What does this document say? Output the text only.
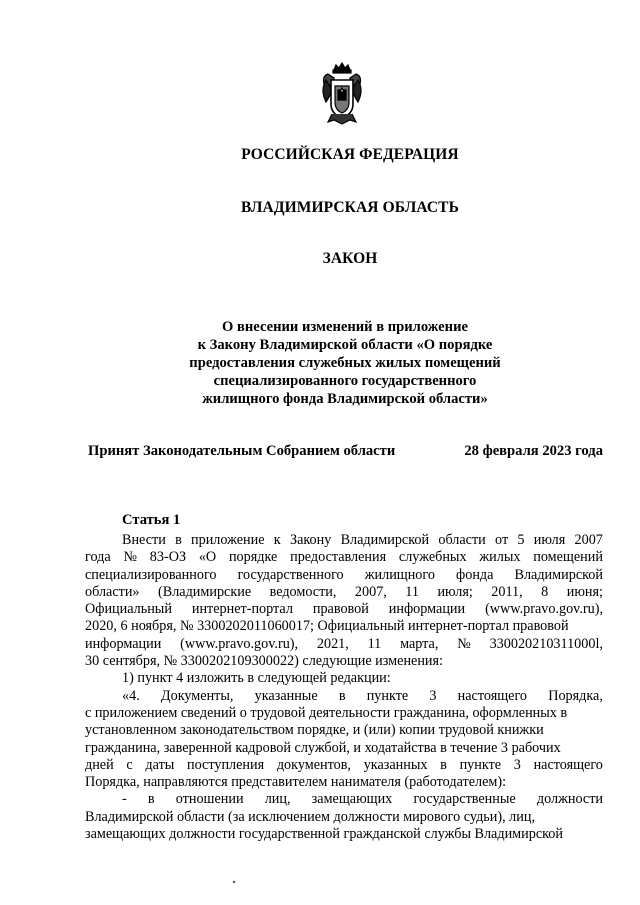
РОССИЙСКАЯ ФЕДЕРАЦИЯ
ВЛАДИМИРСКАЯ ОБЛАСТЬ
ЗАКОН
О внесении изменений в приложение
к Закону Владимирской области «О порядке
предоставления служебных жилых помещений
специализированного государственного
жилищного фонда Владимирской области»
Принят Законодательным Собранием области	28 февраля 2023 года
Статья 1
Внести в приложение к Закону Владимирской области от 5 июля 2007
года № 83-ОЗ «О порядке предоставления служебных жилых помещений
специализированного государственного жилищного фонда Владимирской
области» (Владимирские ведомости, 2007, 11 июля; 2011, 8 июня;
Официальный интернет-портал правовой информации (www.pravo.gov.ru),
2020, 6 ноября, № 3300202011060017; Официальный интернет-портал правовой
информации (www.pravo.gov.ru), 2021, 11 марта, № 330020210311000l,
30 сентября, № 3300202109300022) следующие изменения:
1) пункт 4 изложить в следующей редакции:
«4. Документы, указанные в пункте 3 настоящего Порядка,
с приложением сведений о трудовой деятельности гражданина, оформленных в
установленном законодательством порядке, и (или) копии трудовой книжки
гражданина, заверенной кадровой службой, и ходатайства в течение 3 рабочих
дней с даты поступления документов, указанных в пункте 3 настоящего
Порядка, направляются представителем нанимателя (работодателем):
- в отношении лиц, замещающих государственные должности
Владимирской области (за исключением должности мирового судьи), лиц,
замещающих должности государственной гражданской службы Владимирской
